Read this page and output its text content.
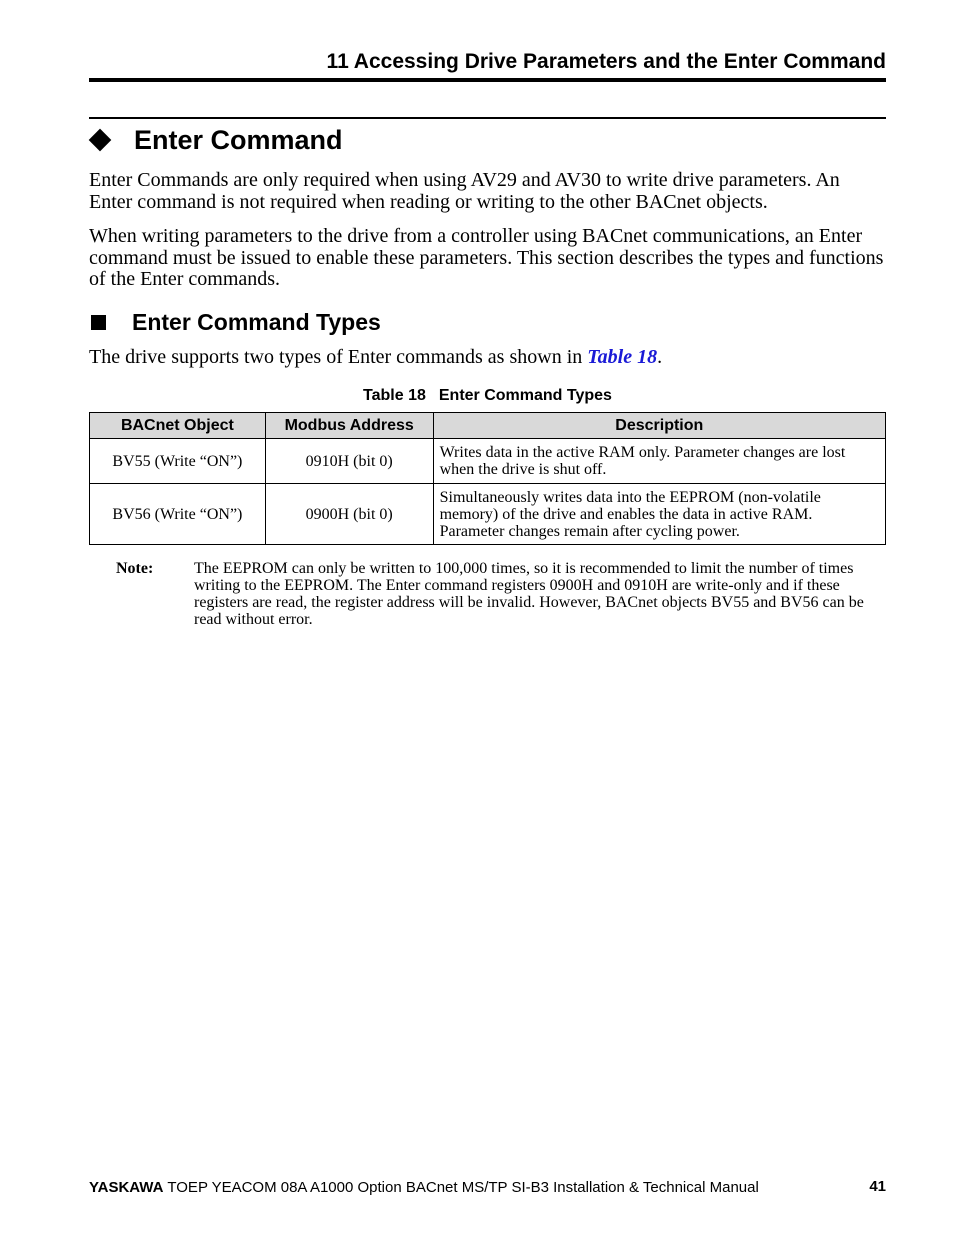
11 Accessing Drive Parameters and the Enter Command
Enter Command

Enter Commands are only required when using AV29 and AV30 to write drive parameters. An Enter command is not required when reading or writing to the other BACnet objects.

When writing parameters to the drive from a controller using BACnet communications, an Enter command must be issued to enable these parameters. This section describes the types and functions of the Enter commands.

Enter Command Types

The drive supports two types of Enter commands as shown in Table 18.

Table 18 Enter Command Types
BACnet Object	Modbus Address	Description
BV55 (Write “ON”)	0910H (bit 0)	Writes data in the active RAM only. Parameter changes are lost when the drive is shut off.
BV56 (Write “ON”)	0900H (bit 0)	Simultaneously writes data into the EEPROM (non-volatile memory) of the drive and enables the data in active RAM. Parameter changes remain after cycling power.
Note:	The EEPROM can only be written to 100,000 times, so it is recommended to limit the number of times writing to the EEPROM. The Enter command registers 0900H and 0910H are write-only and if these registers are read, the register address will be invalid. However, BACnet objects BV55 and BV56 can be read without error.
YASKAWA TOEP YEACOM 08A A1000 Option BACnet MS/TP SI-B3 Installation & Technical Manual	41
